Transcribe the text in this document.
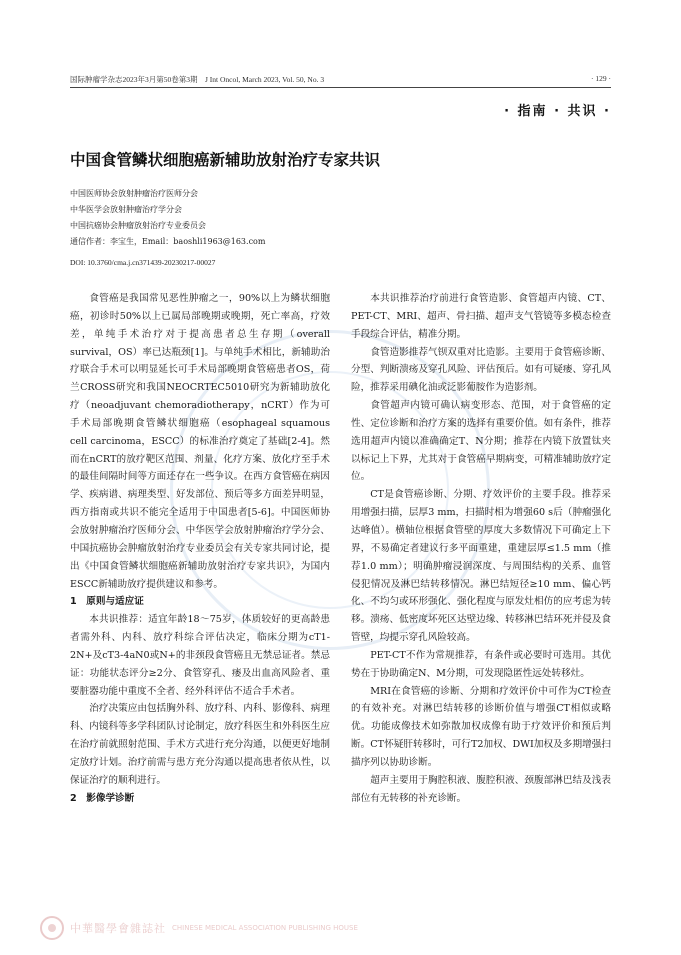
国际肿瘤学杂志2023年3月第50卷第3期　J Int Oncol, March 2023, Vol. 50, No. 3	· 129 ·
· 指南 · 共识 ·
中国食管鳞状细胞癌新辅助放射治疗专家共识
中国医师协会放射肿瘤治疗医师分会
中华医学会放射肿瘤治疗学分会
中国抗癌协会肿瘤放射治疗专业委员会
通信作者：李宝生，Email：baoshli1963@163.com
DOI: 10.3760/cma.j.cn371439-20230217-00027

食管癌是我国常见恶性肿瘤之一，90%以上为鳞状细胞癌，初诊时50%以上已属局部晚期或晚期，死亡率高，疗效差，单纯手术治疗对于提高患者总生存期（overall survival，OS）率已达瓶颈[1]。与单纯手术相比，新辅助治疗联合手术可以明显延长可手术局部晚期食管癌患者OS，荷兰CROSS研究和我国NEOCRTEC5010研究为新辅助放化疗（neoadjuvant chemoradiotherapy，nCRT）作为可手术局部晚期食管鳞状细胞癌（esophageal squamous cell carcinoma，ESCC）的标准治疗奠定了基础[2-4]。然而在nCRT的放疗靶区范围、剂量、化疗方案、放化疗至手术的最佳间隔时间等方面还存在一些争议。在西方食管癌在病因学、疾病谱、病理类型、好发部位、预后等多方面差异明显，西方指南或共识不能完全适用于中国患者[5-6]。中国医师协会放射肿瘤治疗医师分会、中华医学会放射肿瘤治疗学分会、中国抗癌协会肿瘤放射治疗专业委员会有关专家共同讨论，提出《中国食管鳞状细胞癌新辅助放射治疗专家共识》，为国内ESCC新辅助放疗提供建议和参考。

1　原则与适应证

本共识推荐：适宜年龄18～75岁，体质较好的更高龄患者需外科、内科、放疗科综合评估决定，临床分期为cT1-2N+及cT3-4aN0或N+的非颈段食管癌且无禁忌证者。禁忌证：功能状态评分≥2分、食管穿孔、瘘及出血高风险者、重要脏器功能中重度不全者、经外科评估不适合手术者。

治疗决策应由包括胸外科、放疗科、内科、影像科、病理科、内镜科等多学科团队讨论制定，放疗科医生和外科医生应在治疗前就照射范围、手术方式进行充分沟通，以便更好地制定放疗计划。治疗前需与患方充分沟通以提高患者依从性，以保证治疗的顺利进行。

2　影像学诊断

本共识推荐治疗前进行食管造影、食管超声内镜、CT、PET-CT、MRI、超声、骨扫描、超声支气管镜等多模态检查手段综合评估，精准分期。

食管造影推荐气钡双重对比造影。主要用于食管癌诊断、分型、判断溃疡及穿孔风险、评估预后。如有可疑瘘、穿孔风险，推荐采用碘化油或泛影葡胺作为造影剂。

食管超声内镜可确认病变形态、范围，对于食管癌的定性、定位诊断和治疗方案的选择有重要价值。如有条件，推荐选用超声内镜以准确确定T、N分期；推荐在内镜下放置钛夹以标记上下界，尤其对于食管癌早期病变，可精准辅助放疗定位。

CT是食管癌诊断、分期、疗效评价的主要手段。推荐采用增强扫描，层厚3 mm，扫描时相为增强60 s后（肿瘤强化达峰值）。横轴位根据食管壁的厚度大多数情况下可确定上下界，不易确定者建议行多平面重建，重建层厚≤1.5 mm（推荐1.0 mm）；明确肿瘤浸润深度、与周围结构的关系、血管侵犯情况及淋巴结转移情况。淋巴结短径≥10 mm、偏心钙化、不均匀或环形强化、强化程度与原发灶相仿的应考虑为转移。溃疡、低密度坏死区达壁边缘、转移淋巴结环死并侵及食管壁，均提示穿孔风险较高。

PET-CT不作为常规推荐，有条件或必要时可选用。其优势在于协助确定N、M分期，可发现隐匿性远处转移灶。

MRI在食管癌的诊断、分期和疗效评价中可作为CT检查的有效补充。对淋巴结转移的诊断价值与增强CT相似或略优。功能成像技术如弥散加权成像有助于疗效评价和预后判断。CT怀疑肝转移时，可行T2加权、DWI加权及多期增强扫描序列以协助诊断。

超声主要用于胸腔积液、腹腔积液、颈腹部淋巴结及浅表部位有无转移的补充诊断。

中華醫學會雜誌社 CHINESE MEDICAL ASSOCIATION PUBLISHING HOUSE
